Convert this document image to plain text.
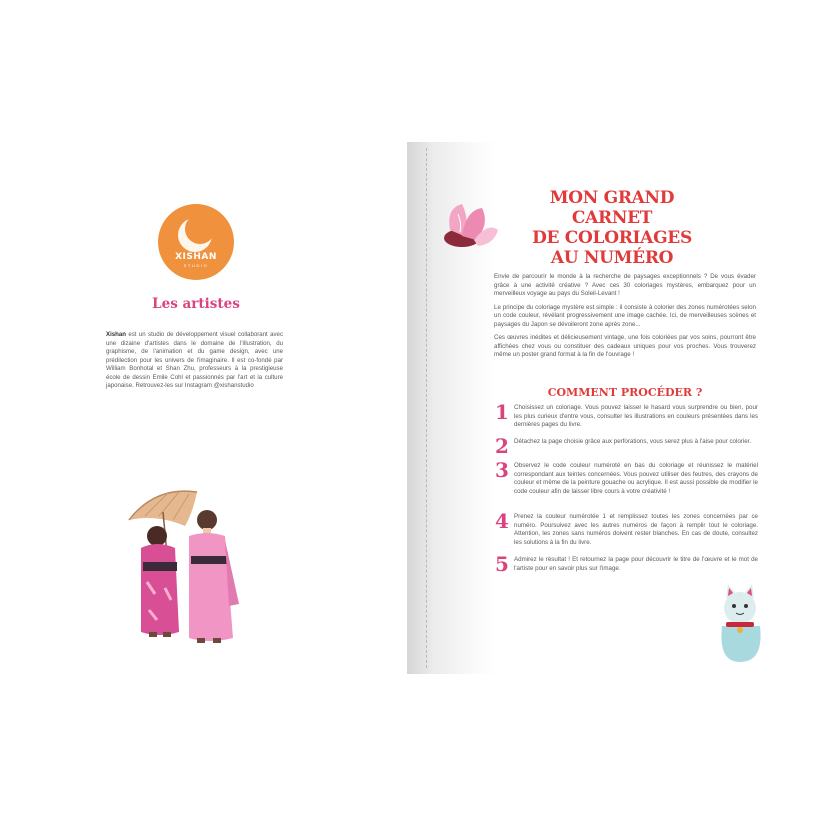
XISHAN
STUDIO
Les artistes
Xishan est un studio de développement visuel collaborant avec une dizaine d'artistes dans le domaine de l'illustration, du graphisme, de l'animation et du game design, avec une prédilection pour les univers de l'imaginaire. Il est co-fondé par William Bonhotal et Shan Zhu, professeurs à la prestigieuse école de dessin Emile Cohl et passionnés par l'art et la culture japonaise. Retrouvez-les sur Instagram @xishanstudio
MON GRAND CARNET
DE COLORIAGES
AU NUMÉRO

Envie de parcourir le monde à la recherche de paysages exceptionnels ? De vous évader grâce à une activité créative ? Avec ces 30 coloriages mystères, embarquez pour un merveilleux voyage au pays du Soleil-Levant !

Le principe du coloriage mystère est simple : il consiste à colorier des zones numérotées selon un code couleur, révélant progressivement une image cachée. Ici, de merveilleuses scènes et paysages du Japon se dévoileront zone après zone...

Ces œuvres inédites et délicieusement vintage, une fois coloriées par vos soins, pourront être affichées chez vous ou constituer des cadeaux uniques pour vos proches. Vous trouverez même un poster grand format à la fin de l'ouvrage !

COMMENT PROCÉDER ?
1 Choisissez un coloriage. Vous pouvez laisser le hasard vous surprendre ou bien, pour les plus curieux d'entre vous, consulter les illustrations en couleurs présentées dans les dernières pages du livre.
2 Détachez la page choisie grâce aux perforations, vous serez plus à l'aise pour colorier.
3 Observez le code couleur numéroté en bas du coloriage et réunissez le matériel correspondant aux teintes concernées. Vous pouvez utiliser des feutres, des crayons de couleur et même de la peinture gouache ou acrylique. Il est aussi possible de modifier le code couleur afin de laisser libre cours à votre créativité !
4 Prenez la couleur numérotée 1 et remplissez toutes les zones concernées par ce numéro. Poursuivez avec les autres numéros de façon à remplir tout le coloriage. Attention, les zones sans numéros doivent rester blanches. En cas de doute, consultez les solutions à la fin du livre.
5 Admirez le résultat ! Et retournez la page pour découvrir le titre de l'œuvre et le mot de l'artiste pour en savoir plus sur l'image.
